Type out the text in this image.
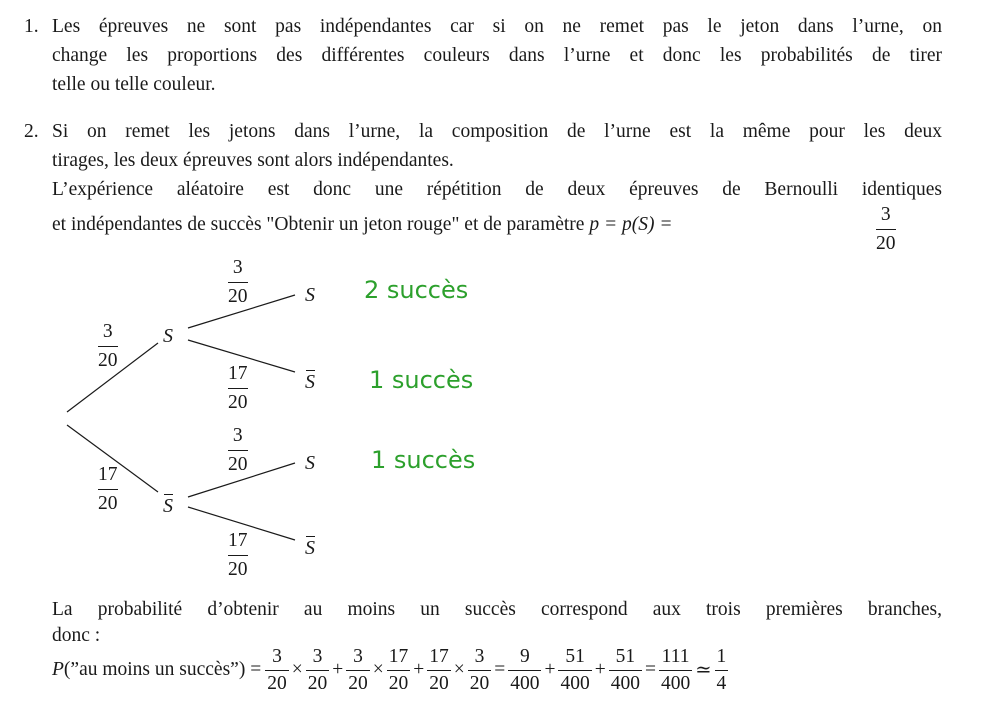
1. Les épreuves ne sont pas indépendantes car si on ne remet pas le jeton dans l’urne, on
change les proportions des différentes couleurs dans l’urne et donc les probabilités de tirer
telle ou telle couleur.
2. Si on remet les jetons dans l’urne, la composition de l’urne est la même pour les deux
tirages, les deux épreuves sont alors indépendantes.
L’expérience aléatoire est donc une répétition de deux épreuves de Bernoulli identiques
et indépendantes de succès "Obtenir un jeton rouge" et de paramètre p = p(S) =	$\frac{3}{20}$
$\frac{3}{20}$
$\frac{17}{20}$
S
S
$\frac{3}{20}$
$\frac{17}{20}$
$\frac{3}{20}$
$\frac{17}{20}$
S
S
S
S
2 succès
1 succès
1 succès
La probabilité d’obtenir au moins un succès correspond aux trois premières branches,
donc :
P (”au moins un succès”) = $\frac{3}{20} \times \frac{3}{20} + \frac{3}{20} \times \frac{17}{20} + \frac{17}{20} \times \frac{3}{20} = \frac{9}{400} + \frac{51}{400} + \frac{51}{400} = \frac{111}{400}$ ≃ $\frac{1}{4}$
